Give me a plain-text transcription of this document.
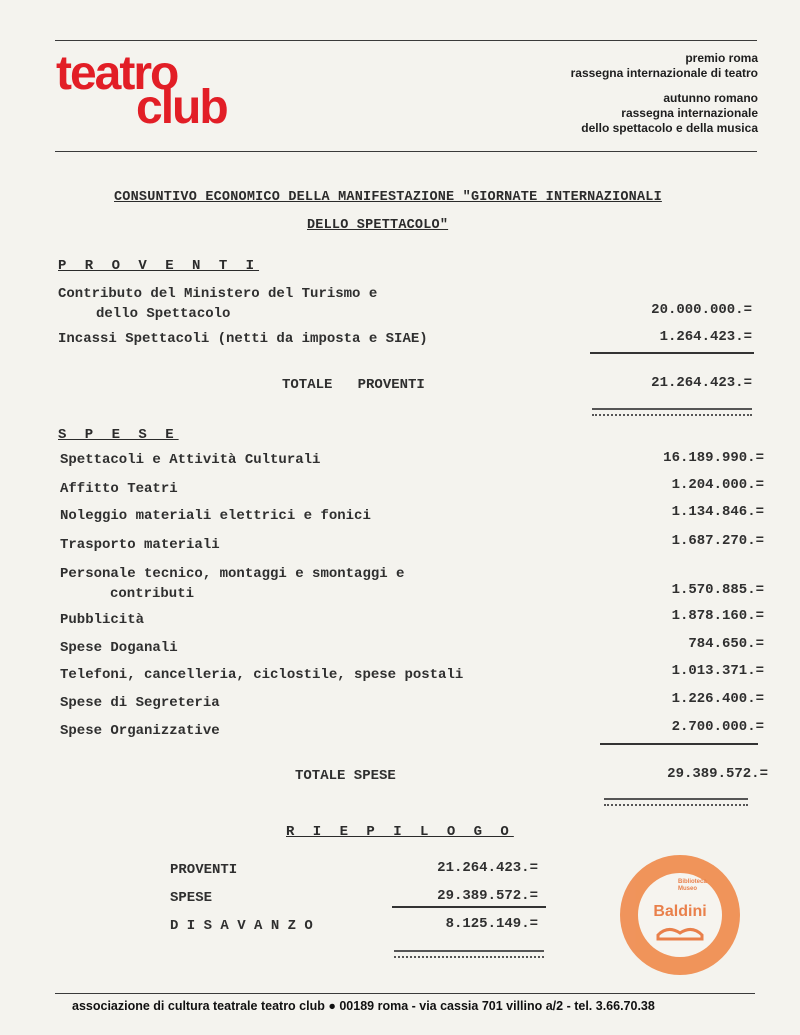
teatro
club
premio roma
rassegna internazionale di teatro
autunno romano
rassegna internazionale
dello spettacolo e della musica
CONSUNTIVO ECONOMICO DELLA MANIFESTAZIONE "GIORNATE INTERNAZIONALI
DELLO SPETTACOLO"
P R O V E N T I
Contributo del Ministero del Turismo e
dello Spettacolo	20.000.000.=
Incassi Spettacoli (netti da imposta e SIAE)	1.264.423.=
TOTALE   PROVENTI	21.264.423.=
S P E S E
Spettacoli e Attività Culturali	16.189.990.=
Affitto Teatri	1.204.000.=
Noleggio materiali elettrici e fonici	1.134.846.=
Trasporto materiali	1.687.270.=
Personale tecnico, montaggi e smontaggi e
contributi	1.570.885.=
Pubblicità	1.878.160.=
Spese Doganali	784.650.=
Telefoni, cancelleria, ciclostile, spese postali	1.013.371.=
Spese di Segreteria	1.226.400.=
Spese Organizzative	2.700.000.=
TOTALE SPESE	29.389.572.=
R I E P I L O G O
PROVENTI	21.264.423.=
SPESE	29.389.572.=
D I S A V A N Z O	8.125.149.=
Biblioteca Museo
Baldini
associazione di cultura teatrale teatro club ● 00189 roma - via cassia 701 villino a/2 - tel. 3.66.70.38
